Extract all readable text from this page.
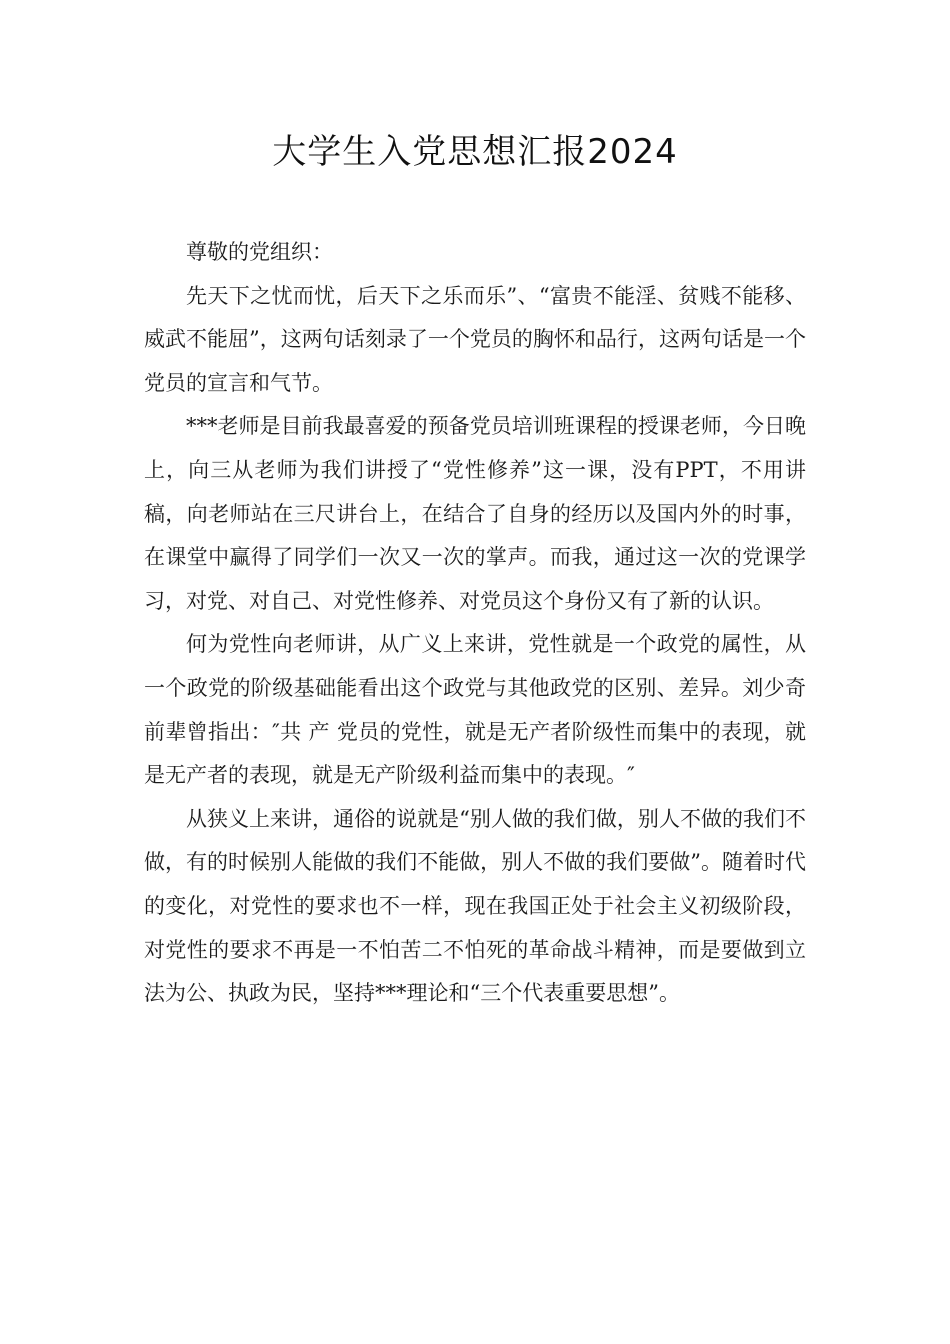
大学生入党思想汇报2024

尊敬的党组织：

先天下之忧而忧，后天下之乐而乐”、“富贵不能淫、贫贱不能移、威武不能屈”，这两句话刻录了一个党员的胸怀和品行，这两句话是一个党员的宣言和气节。

***老师是目前我最喜爱的预备党员培训班课程的授课老师，今日晚上，向三从老师为我们讲授了“党性修养”这一课，没有PPT，不用讲稿，向老师站在三尺讲台上，在结合了自身的经历以及国内外的时事，在课堂中赢得了同学们一次又一次的掌声。而我，通过这一次的党课学习，对党、对自己、对党性修养、对党员这个身份又有了新的认识。

何为党性向老师讲，从广义上来讲，党性就是一个政党的属性，从一个政党的阶级基础能看出这个政党与其他政党的区别、差异。刘少奇前辈曾指出：″共 产 党员的党性，就是无产者阶级性而集中的表现，就是无产者的表现，就是无产阶级利益而集中的表现。″

从狭义上来讲，通俗的说就是“别人做的我们做，别人不做的我们不做，有的时候别人能做的我们不能做，别人不做的我们要做”。随着时代的变化，对党性的要求也不一样，现在我国正处于社会主义初级阶段，对党性的要求不再是一不怕苦二不怕死的革命战斗精神，而是要做到立法为公、执政为民，坚持***理论和“三个代表重要思想”。
